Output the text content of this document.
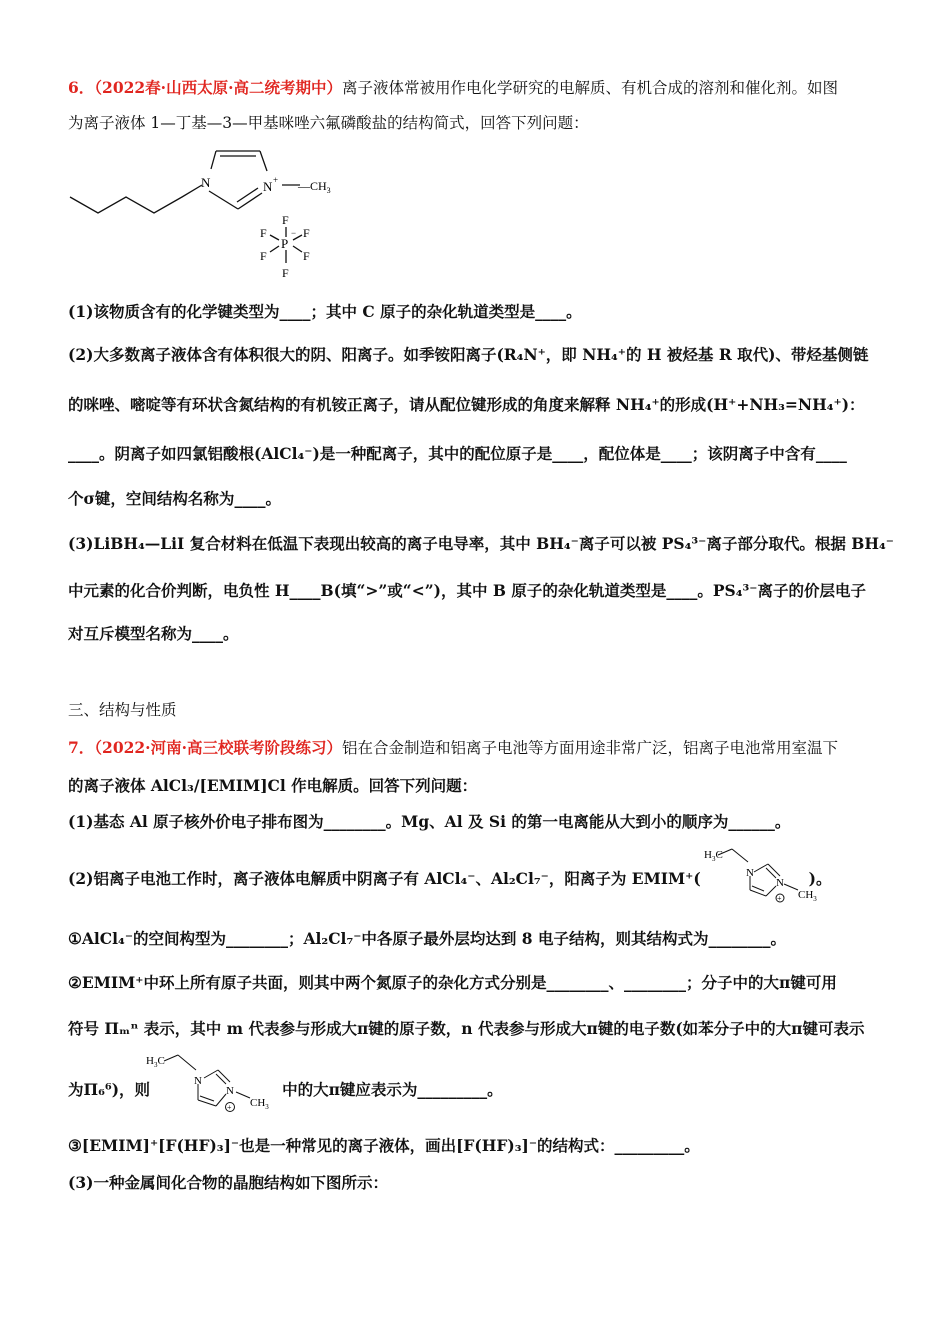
6．（2022春·山西太原·高二统考期中）离子液体常被用作电化学研究的电解质、有机合成的溶剂和催化剂。如图
为离子液体 1—丁基—3—甲基咪唑六氟磷酸盐的结构简式，回答下列问题：
N	$N + —CH_3$
F
F	F
P
−
F	F
F
(1)该物质含有的化学键类型为____；其中 C 原子的杂化轨道类型是____。
(2)大多数离子液体含有体积很大的阴、阳离子。如季铵阳离子(R₄N⁺，即 NH₄⁺的 H 被烃基 R 取代)、带烃基侧链
的咪唑、嘧啶等有环状含氮结构的有机铵正离子，请从配位键形成的角度来解释 NH₄⁺的形成(H⁺+NH₃=NH₄⁺)：
____。阴离子如四氯铝酸根(AlCl₄⁻)是一种配离子，其中的配位原子是____，配位体是____；该阴离子中含有____
个σ键，空间结构名称为____。
(3)LiBH₄—LiI 复合材料在低温下表现出较高的离子电导率，其中 BH₄⁻离子可以被 PS₄³⁻离子部分取代。根据 BH₄⁻
中元素的化合价判断，电负性 H____B(填“>”或“<”)，其中 B 原子的杂化轨道类型是____。PS₄³⁻离子的价层电子
对互斥模型名称为____。
三、结构与性质
7．（2022·河南·高三校联考阶段练习）铝在合金制造和铝离子电池等方面用途非常广泛，铝离子电池常用室温下
的离子液体 AlCl₃/[EMIM]Cl 作电解质。回答下列问题：
(1)基态 Al 原子核外价电子排布图为________。Mg、Al 及 Si 的第一电离能从大到小的顺序为______。
(2)铝离子电池工作时，离子液体电解质中阴离子有 AlCl₄⁻、Al₂Cl₇⁻，阳离子为 EMIM⁺(	)。
$H_3C$
N
N
+ $CH_3$
①AlCl₄⁻的空间构型为________；Al₂Cl₇⁻中各原子最外层均达到 8 电子结构，则其结构式为________。
②EMIM⁺中环上所有原子共面，则其中两个氮原子的杂化方式分别是________、________；分子中的大π键可用
符号 Πₘⁿ 表示，其中 m 代表参与形成大π键的原子数，n 代表参与形成大π键的电子数(如苯分子中的大π键可表示
为Π₆⁶)，则	中的大π键应表示为_________。
$H_3C$
N
N
+ $CH_3$
③[EMIM]⁺[F(HF)₃]⁻也是一种常见的离子液体，画出[F(HF)₃]⁻的结构式：_________。
(3)一种金属间化合物的晶胞结构如下图所示：
